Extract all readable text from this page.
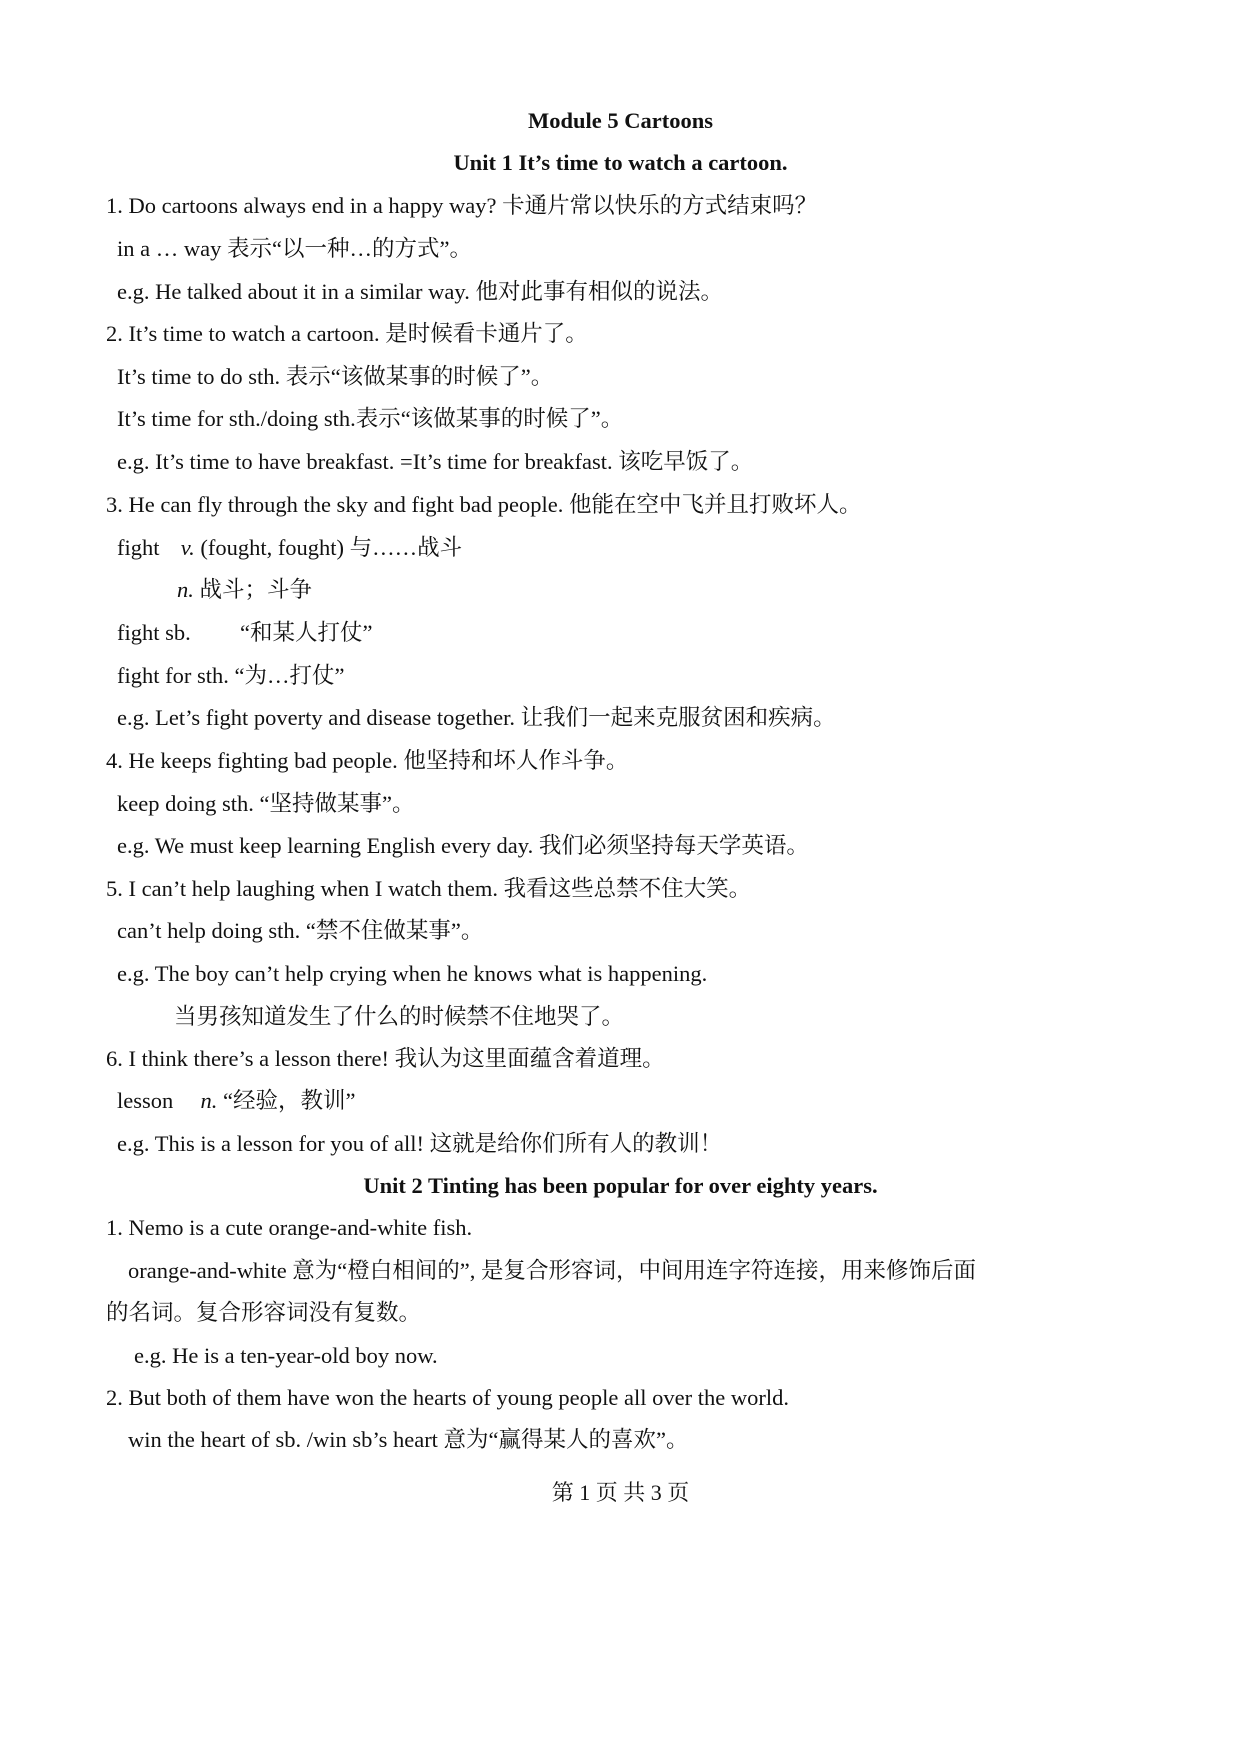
Module 5 Cartoons
Unit 1 It’s time to watch a cartoon.
1. Do cartoons always end in a happy way? 卡通片常以快乐的方式结束吗？
in a … way 表示“以一种…的方式”。
e.g. He talked about it in a similar way. 他对此事有相似的说法。
2. It’s time to watch a cartoon. 是时候看卡通片了。
It’s time to do sth. 表示“该做某事的时候了”。
It’s time for sth./doing sth.表示“该做某事的时候了”。
e.g. It’s time to have breakfast. =It’s time for breakfast. 该吃早饭了。
3. He can fly through the sky and fight bad people. 他能在空中飞并且打败坏人。
fight v. (fought, fought) 与……战斗
n. 战斗；斗争
fight sb. “和某人打仗”
fight for sth. “为…打仗”
e.g. Let’s fight poverty and disease together. 让我们一起来克服贫困和疾病。
4. He keeps fighting bad people. 他坚持和坏人作斗争。
keep doing sth. “坚持做某事”。
e.g. We must keep learning English every day. 我们必须坚持每天学英语。
5. I can’t help laughing when I watch them. 我看这些总禁不住大笑。
can’t help doing sth. “禁不住做某事”。
e.g. The boy can’t help crying when he knows what is happening.
当男孩知道发生了什么的时候禁不住地哭了。
6. I think there’s a lesson there! 我认为这里面蕴含着道理。
lesson n. “经验，教训”
e.g. This is a lesson for you of all! 这就是给你们所有人的教训！
Unit 2 Tinting has been popular for over eighty years.
1. Nemo is a cute orange-and-white fish.
orange-and-white 意为“橙白相间的”, 是复合形容词，中间用连字符连接，用来修饰后面
的名词。复合形容词没有复数。
e.g. He is a ten-year-old boy now.
2. But both of them have won the hearts of young people all over the world.
win the heart of sb. /win sb’s heart 意为“赢得某人的喜欢”。
第 1 页 共 3 页
